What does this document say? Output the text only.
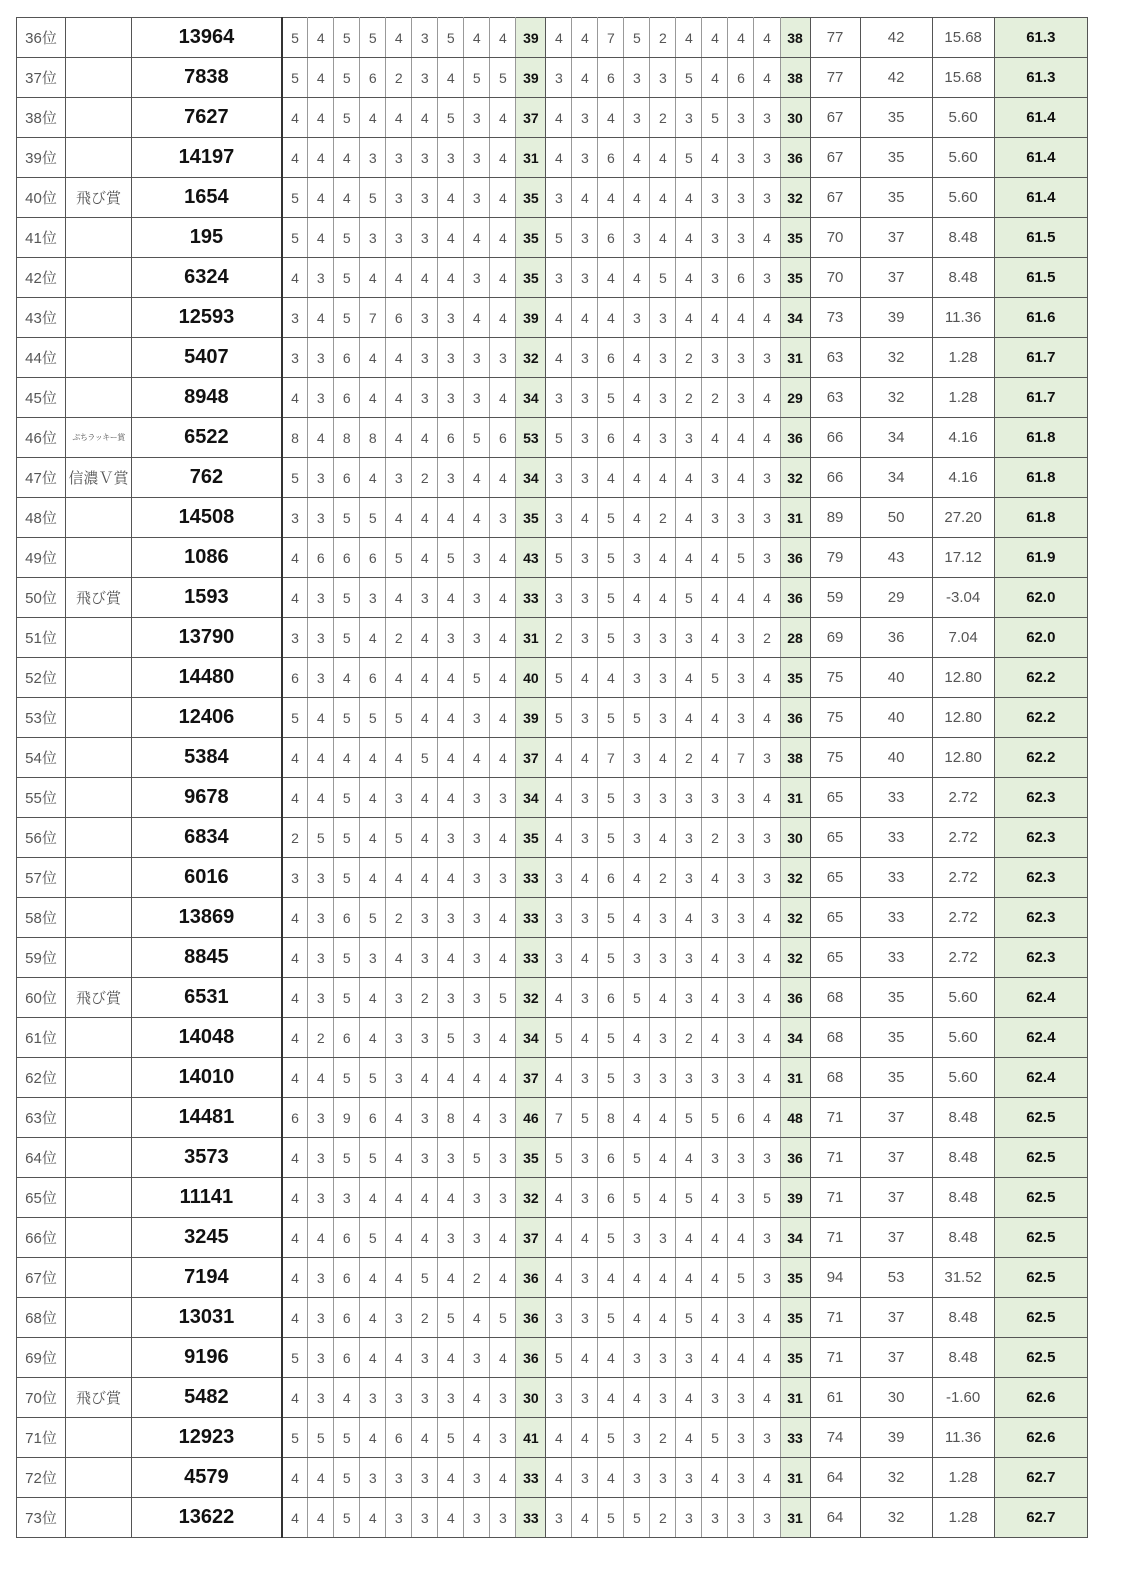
36位		13964	5	4	5	5	4	3	5	4	4	39	4	4	7	5	2	4	4	4	4	38	77	42	15.68	61.3
37位		7838	5	4	5	6	2	3	4	5	5	39	3	4	6	3	3	5	4	6	4	38	77	42	15.68	61.3
38位		7627	4	4	5	4	4	4	5	3	4	37	4	3	4	3	2	3	5	3	3	30	67	35	5.60	61.4
39位		14197	4	4	4	3	3	3	3	3	4	31	4	3	6	4	4	5	4	3	3	36	67	35	5.60	61.4
40位	飛び賞	1654	5	4	4	5	3	3	4	3	4	35	3	4	4	4	4	4	3	3	3	32	67	35	5.60	61.4
41位		195	5	4	5	3	3	3	4	4	4	35	5	3	6	3	4	4	3	3	4	35	70	37	8.48	61.5
42位		6324	4	3	5	4	4	4	4	3	4	35	3	3	4	4	5	4	3	6	3	35	70	37	8.48	61.5
43位		12593	3	4	5	7	6	3	3	4	4	39	4	4	4	3	3	4	4	4	4	34	73	39	11.36	61.6
44位		5407	3	3	6	4	4	3	3	3	3	32	4	3	6	4	3	2	3	3	3	31	63	32	1.28	61.7
45位		8948	4	3	6	4	4	3	3	3	4	34	3	3	5	4	3	2	2	3	4	29	63	32	1.28	61.7
46位	ぷちラッキー賞	6522	8	4	8	8	4	4	6	5	6	53	5	3	6	4	3	3	4	4	4	36	66	34	4.16	61.8
47位	信濃Ｖ賞	762	5	3	6	4	3	2	3	4	4	34	3	3	4	4	4	4	3	4	3	32	66	34	4.16	61.8
48位		14508	3	3	5	5	4	4	4	4	3	35	3	4	5	4	2	4	3	3	3	31	89	50	27.20	61.8
49位		1086	4	6	6	6	5	4	5	3	4	43	5	3	5	3	4	4	4	5	3	36	79	43	17.12	61.9
50位	飛び賞	1593	4	3	5	3	4	3	4	3	4	33	3	3	5	4	4	5	4	4	4	36	59	29	-3.04	62.0
51位		13790	3	3	5	4	2	4	3	3	4	31	2	3	5	3	3	3	4	3	2	28	69	36	7.04	62.0
52位		14480	6	3	4	6	4	4	4	5	4	40	5	4	4	3	3	4	5	3	4	35	75	40	12.80	62.2
53位		12406	5	4	5	5	5	4	4	3	4	39	5	3	5	5	3	4	4	3	4	36	75	40	12.80	62.2
54位		5384	4	4	4	4	4	5	4	4	4	37	4	4	7	3	4	2	4	7	3	38	75	40	12.80	62.2
55位		9678	4	4	5	4	3	4	4	3	3	34	4	3	5	3	3	3	3	3	4	31	65	33	2.72	62.3
56位		6834	2	5	5	4	5	4	3	3	4	35	4	3	5	3	4	3	2	3	3	30	65	33	2.72	62.3
57位		6016	3	3	5	4	4	4	4	3	3	33	3	4	6	4	2	3	4	3	3	32	65	33	2.72	62.3
58位		13869	4	3	6	5	2	3	3	3	4	33	3	3	5	4	3	4	3	3	4	32	65	33	2.72	62.3
59位		8845	4	3	5	3	4	3	4	3	4	33	3	4	5	3	3	3	4	3	4	32	65	33	2.72	62.3
60位	飛び賞	6531	4	3	5	4	3	2	3	3	5	32	4	3	6	5	4	3	4	3	4	36	68	35	5.60	62.4
61位		14048	4	2	6	4	3	3	5	3	4	34	5	4	5	4	3	2	4	3	4	34	68	35	5.60	62.4
62位		14010	4	4	5	5	3	4	4	4	4	37	4	3	5	3	3	3	3	3	4	31	68	35	5.60	62.4
63位		14481	6	3	9	6	4	3	8	4	3	46	7	5	8	4	4	5	5	6	4	48	71	37	8.48	62.5
64位		3573	4	3	5	5	4	3	3	5	3	35	5	3	6	5	4	4	3	3	3	36	71	37	8.48	62.5
65位		11141	4	3	3	4	4	4	4	3	3	32	4	3	6	5	4	5	4	3	5	39	71	37	8.48	62.5
66位		3245	4	4	6	5	4	4	3	3	4	37	4	4	5	3	3	4	4	4	3	34	71	37	8.48	62.5
67位		7194	4	3	6	4	4	5	4	2	4	36	4	3	4	4	4	4	4	5	3	35	94	53	31.52	62.5
68位		13031	4	3	6	4	3	2	5	4	5	36	3	3	5	4	4	5	4	3	4	35	71	37	8.48	62.5
69位		9196	5	3	6	4	4	3	4	3	4	36	5	4	4	3	3	3	4	4	4	35	71	37	8.48	62.5
70位	飛び賞	5482	4	3	4	3	3	3	3	4	3	30	3	3	4	4	3	4	3	3	4	31	61	30	-1.60	62.6
71位		12923	5	5	5	4	6	4	5	4	3	41	4	4	5	3	2	4	5	3	3	33	74	39	11.36	62.6
72位		4579	4	4	5	3	3	3	4	3	4	33	4	3	4	3	3	3	4	3	4	31	64	32	1.28	62.7
73位		13622	4	4	5	4	3	3	4	3	3	33	3	4	5	5	2	3	3	3	3	31	64	32	1.28	62.7
